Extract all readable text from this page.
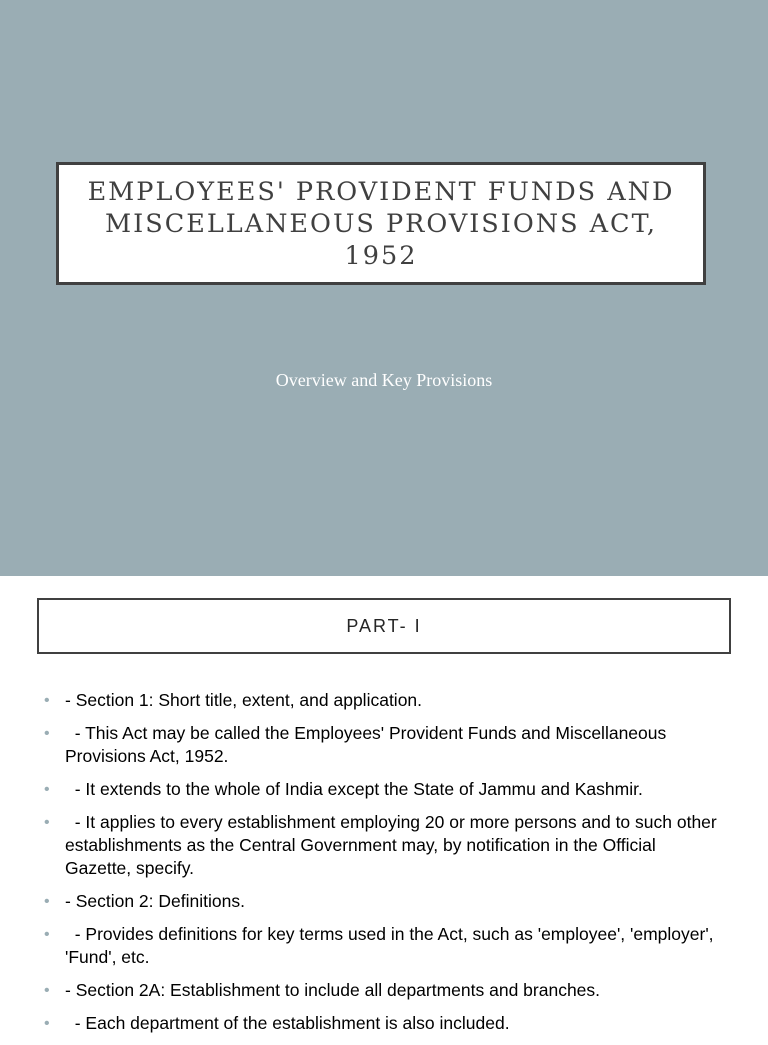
EMPLOYEES' PROVIDENT FUNDS AND
MISCELLANEOUS PROVISIONS ACT,
1952
Overview and Key Provisions
PART- I
• - Section 1: Short title, extent, and application.
• - This Act may be called the Employees' Provident Funds and Miscellaneous Provisions Act, 1952.
• - It extends to the whole of India except the State of Jammu and Kashmir.
• - It applies to every establishment employing 20 or more persons and to such other establishments as the Central Government may, by notification in the Official Gazette, specify.
• - Section 2: Definitions.
• - Provides definitions for key terms used in the Act, such as 'employee', 'employer', 'Fund', etc.
• - Section 2A: Establishment to include all departments and branches.
• - Each department of the establishment is also included.
